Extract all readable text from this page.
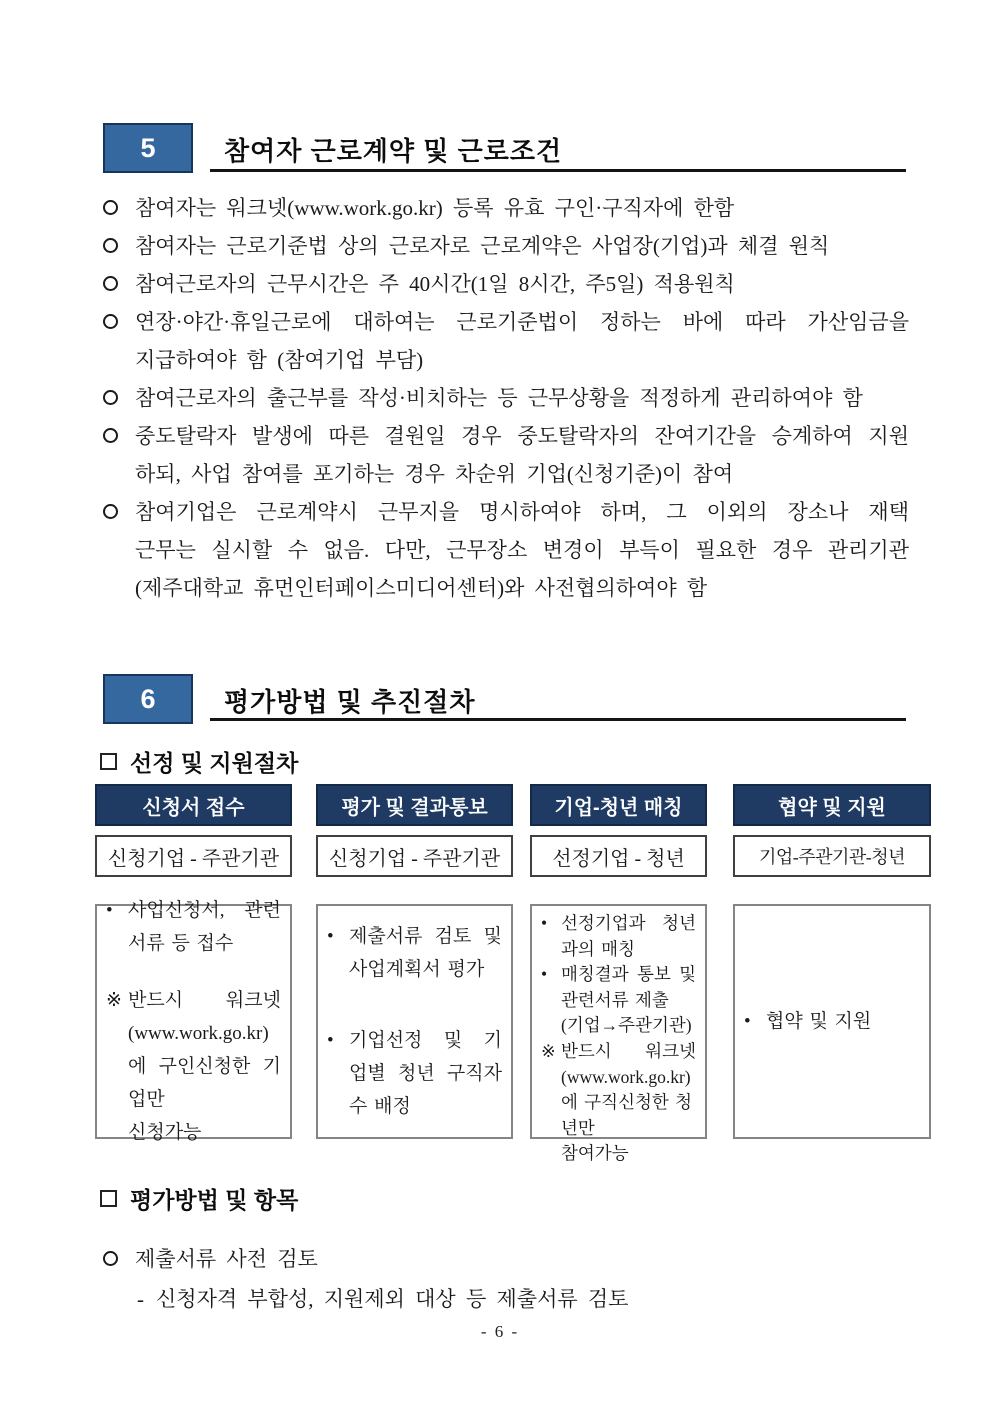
5	참여자 근로계약 및 근로조건
참여자는 워크넷(www.work.go.kr) 등록 유효 구인·구직자에 한함
참여자는 근로기준법 상의 근로자로 근로계약은 사업장(기업)과 체결 원칙
참여근로자의 근무시간은 주 40시간(1일 8시간, 주5일) 적용원칙
연장·야간·휴일근로에 대하여는 근로기준법이 정하는 바에 따라 가산임금을
지급하여야 함 (참여기업 부담)
참여근로자의 출근부를 작성·비치하는 등 근무상황을 적정하게 관리하여야 함
중도탈락자 발생에 따른 결원일 경우 중도탈락자의 잔여기간을 승계하여 지원
하되, 사업 참여를 포기하는 경우 차순위 기업(신청기준)이 참여
참여기업은 근로계약시 근무지을 명시하여야 하며, 그 이외의 장소나 재택
근무는 실시할 수 없음. 다만, 근무장소 변경이 부득이 필요한 경우 관리기관
(제주대학교 휴먼인터페이스미디어센터)와 사전협의하여야 함
6	평가방법 및 추진절차
선정 및 지원절차
신청서 접수
신청기업 - 주관기관
• 사업신청서, 관련
서류 등 접수
※ 반드시 워크넷
(www.work.go.kr)
에 구인신청한 기업만
신청가능
평가 및 결과통보
신청기업 - 주관기관
• 제출서류 검토 및
사업계획서 평가
• 기업선정 및 기
업별 청년 구직자
수 배정
기업-청년 매칭
선정기업 - 청년
• 선정기업과 청년
과의 매칭
• 매칭결과 통보 및
관련서류 제출
(기업→주관기관)
※ 반드시 워크넷
(www.work.go.kr)
에 구직신청한 청년만
참여가능
협약 및 지원
기업-주관기관-청년
• 협약 및 지원
평가방법 및 항목
제출서류 사전 검토
- 신청자격 부합성, 지원제외 대상 등 제출서류 검토
- 6 -
